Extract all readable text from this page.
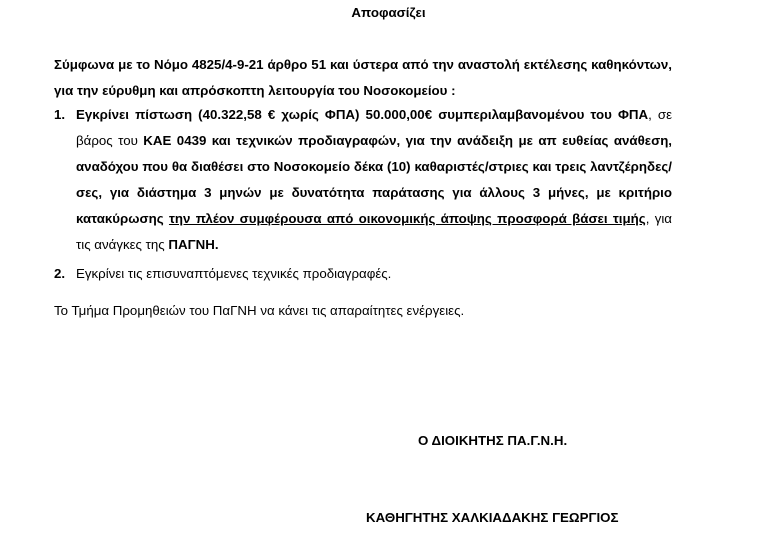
Αποφασίζει
Σύμφωνα με το Νόμο 4825/4-9-21 άρθρο 51 και ύστερα από την αναστολή εκτέλεσης καθηκόντων, για την εύρυθμη και απρόσκοπτη λειτουργία του Νοσοκομείου :
1. Εγκρίνει πίστωση (40.322,58 € χωρίς ΦΠΑ) 50.000,00€ συμπεριλαμβανομένου του ΦΠΑ, σε βάρος του ΚΑΕ 0439 και τεχνικών προδιαγραφών, για την ανάδειξη με απ ευθείας ανάθεση, αναδόχου που θα διαθέσει στο Νοσοκομείο δέκα (10) καθαριστές/στριες και τρεις λαντζέρηδες/σες, για διάστημα 3 μηνών με δυνατότητα παράτασης για άλλους 3 μήνες, με κριτήριο κατακύρωσης την πλέον συμφέρουσα από οικονομικής άποψης προσφορά βάσει τιμής, για τις ανάγκες της ΠΑΓΝΗ.
2. Εγκρίνει τις επισυναπτόμενες τεχνικές προδιαγραφές.
Το Τμήμα Προμηθειών του ΠαΓΝΗ να κάνει τις απαραίτητες ενέργειες.
Ο ΔΙΟΙΚΗΤΗΣ ΠΑ.Γ.Ν.Η.
ΚΑΘΗΓΗΤΗΣ ΧΑΛΚΙΑΔΑΚΗΣ ΓΕΩΡΓΙΟΣ
